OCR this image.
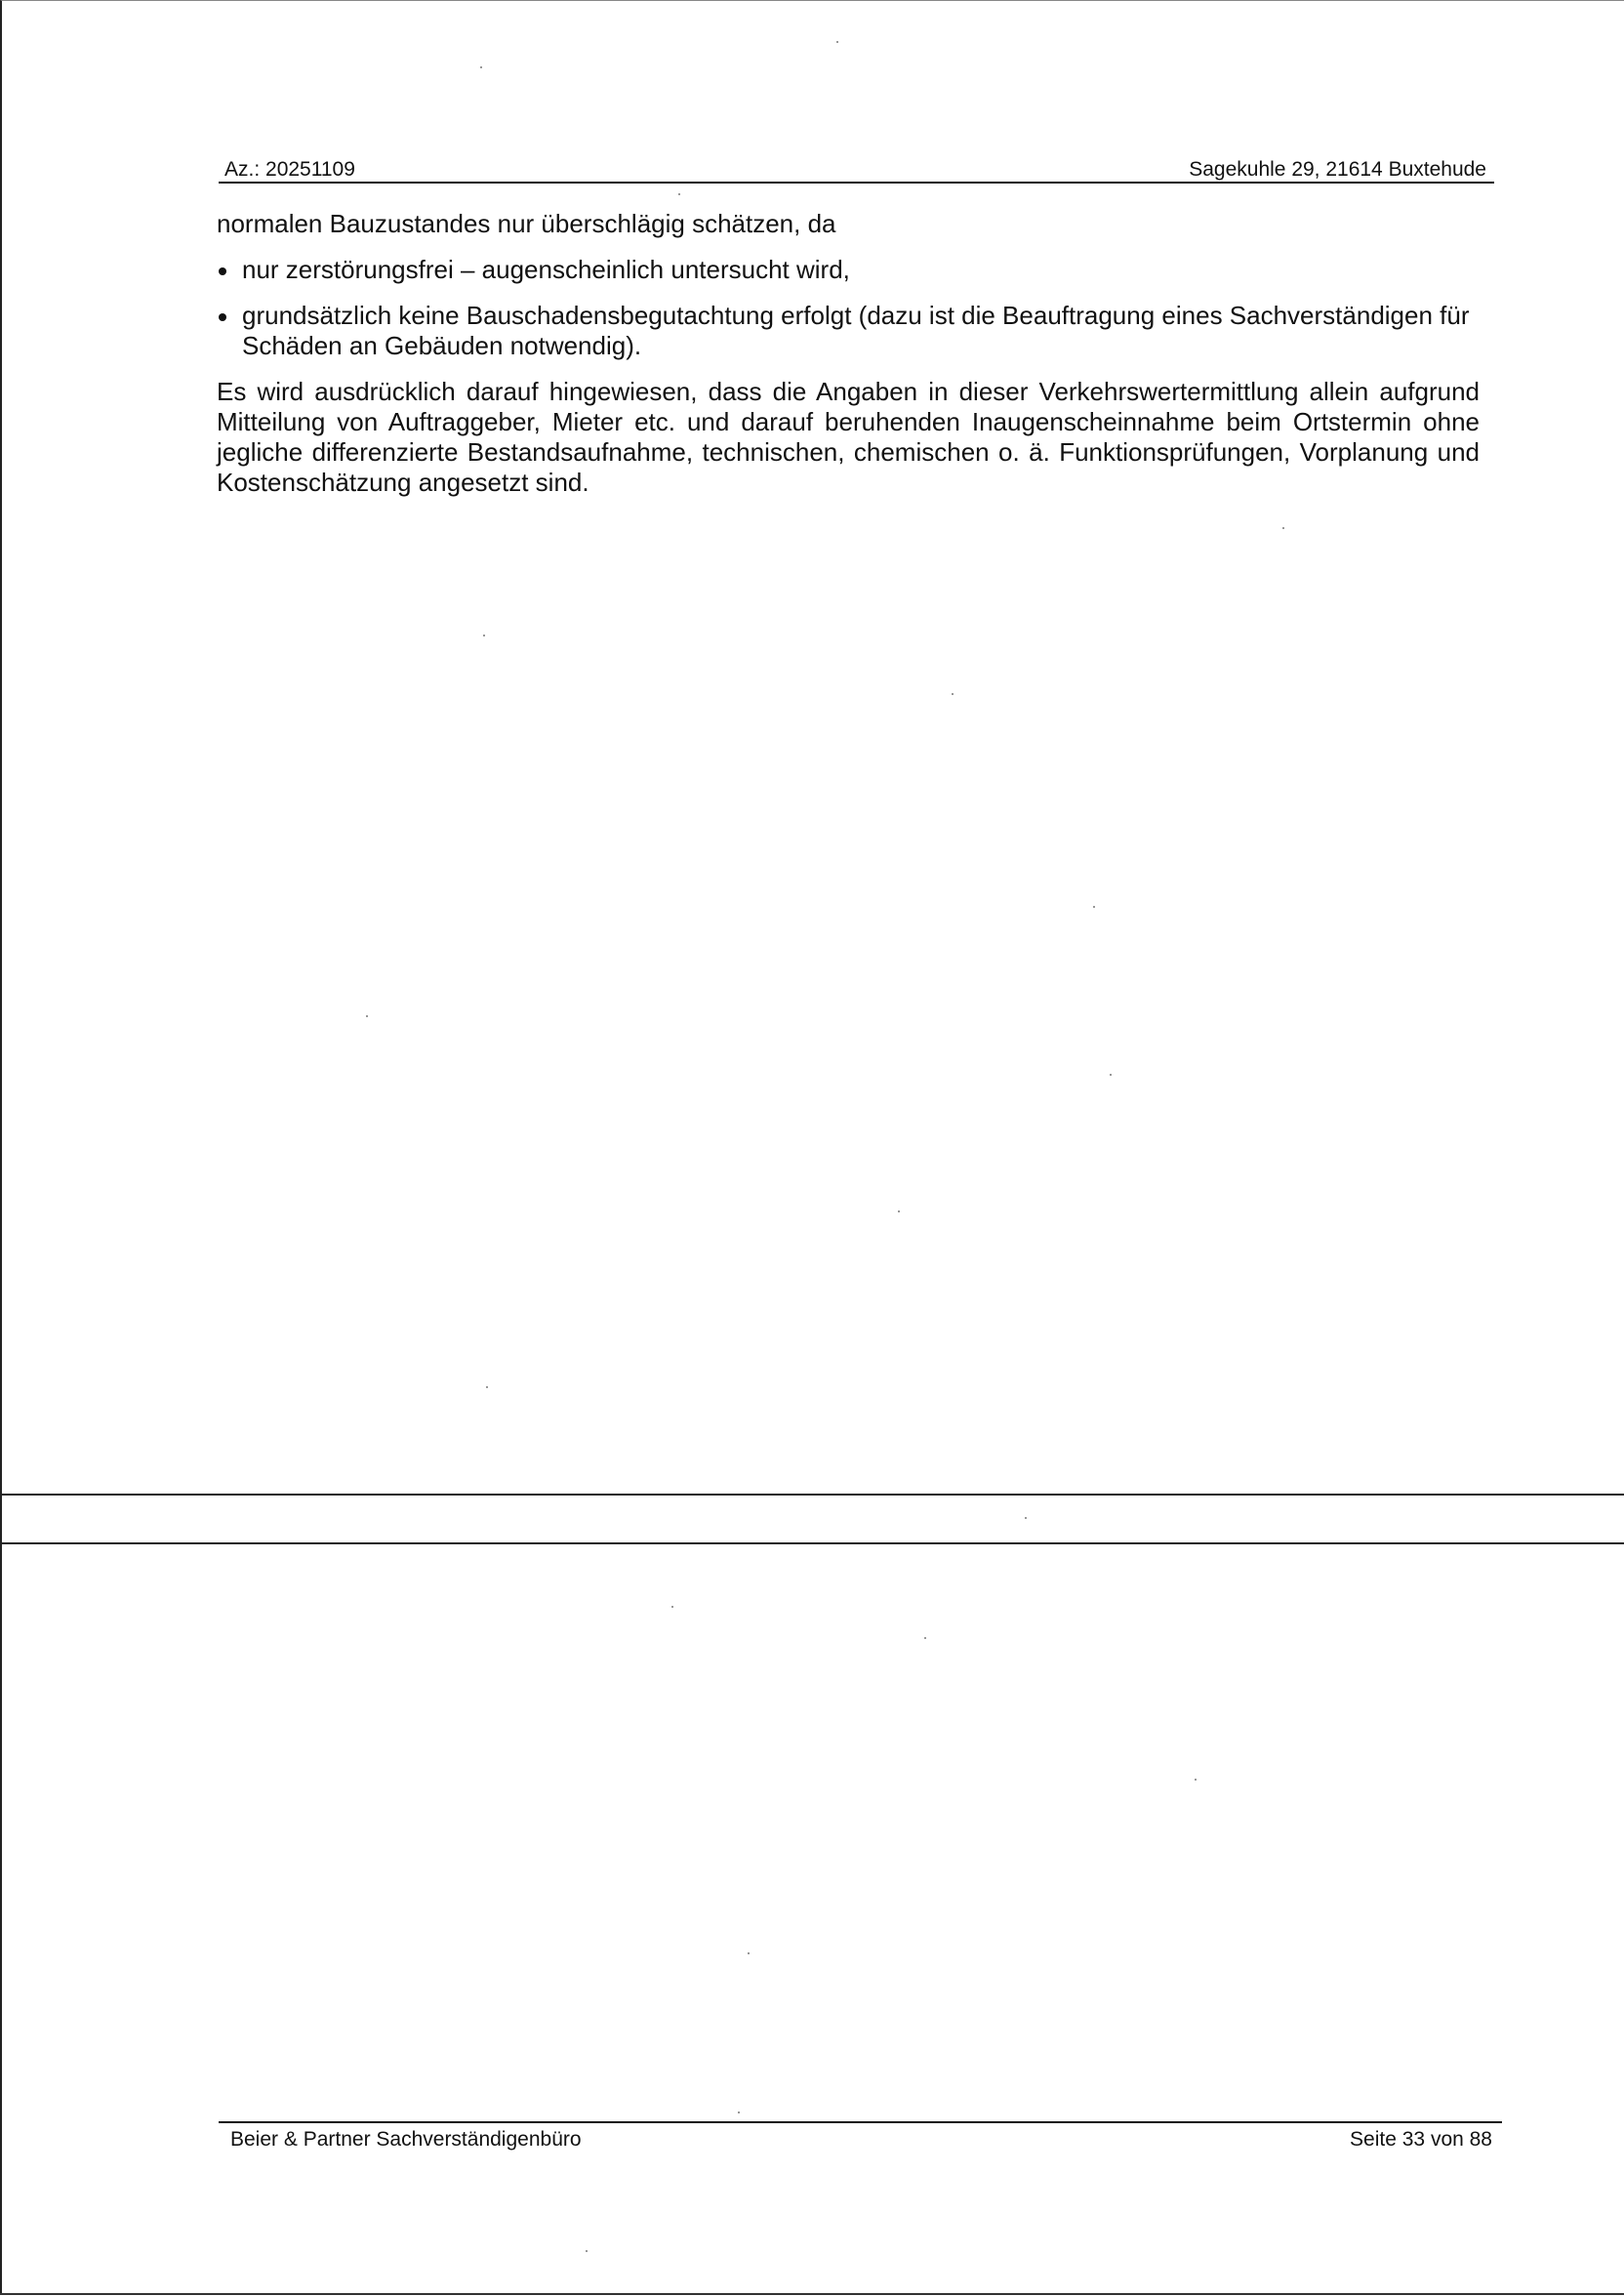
Az.: 20251109	Sagekuhle 29, 21614 Buxtehude

normalen Bauzustandes nur überschlägig schätzen, da

nur zerstörungsfrei – augenscheinlich untersucht wird,
grundsätzlich keine Bauschadensbegutachtung erfolgt (dazu ist die Beauftragung eines Sachverständigen für Schäden an Gebäuden notwendig).

Es wird ausdrücklich darauf hingewiesen, dass die Angaben in dieser Verkehrswertermittlung allein aufgrund Mitteilung von Auftraggeber, Mieter etc. und darauf beruhenden Inaugenscheinnahme beim Ortstermin ohne jegliche differenzierte Bestandsaufnahme, technischen, chemischen o. ä. Funktionsprüfungen, Vorplanung und Kostenschätzung angesetzt sind.

Beier & Partner Sachverständigenbüro	Seite 33 von 88
